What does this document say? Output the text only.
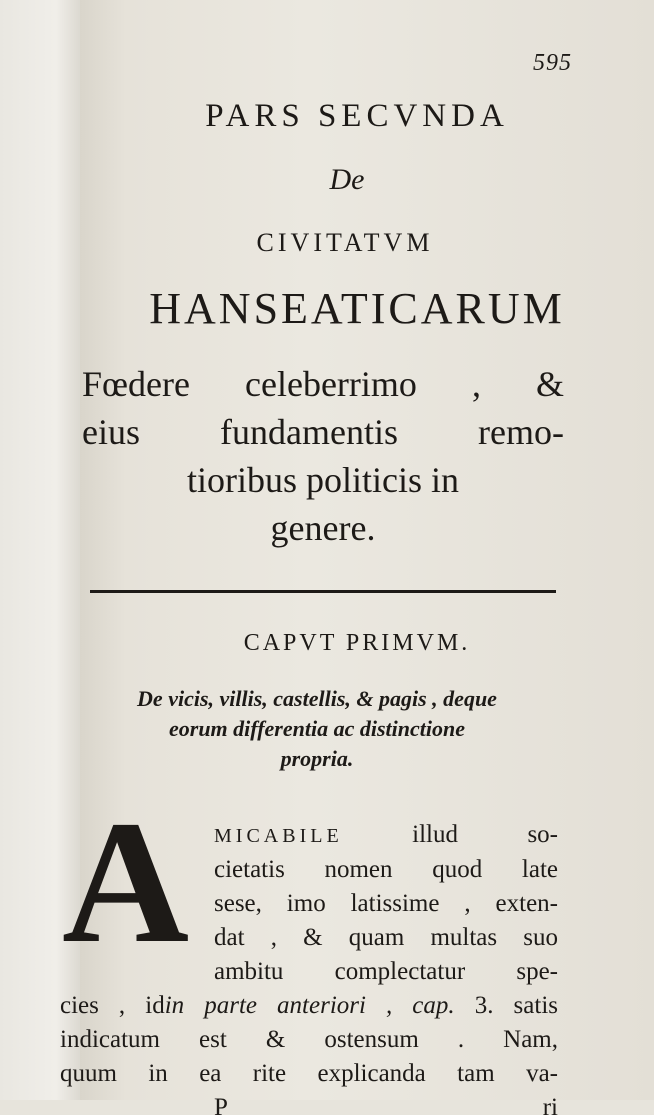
595
PARS SECVNDA
De
CIVITATVM
HANSEATICARUM
Fœdere celeberrimo , &
eius fundamentis remo-
tioribus politicis in
genere.
CAPVT PRIMVM.
De vicis, villis, castellis, & pagis , deque
eorum differentia ac distinctione
propria.
A	MICABILE	illud so-
cietatis nomen quod late
sese, imo latissime , exten-
dat , & quam multas suo
ambitu complectatur spe-
cies , idin parte anteriori , cap. 3. satis
indicatum est & ostensum . Nam,
quum in ea rite explicanda tam va-
P ri
